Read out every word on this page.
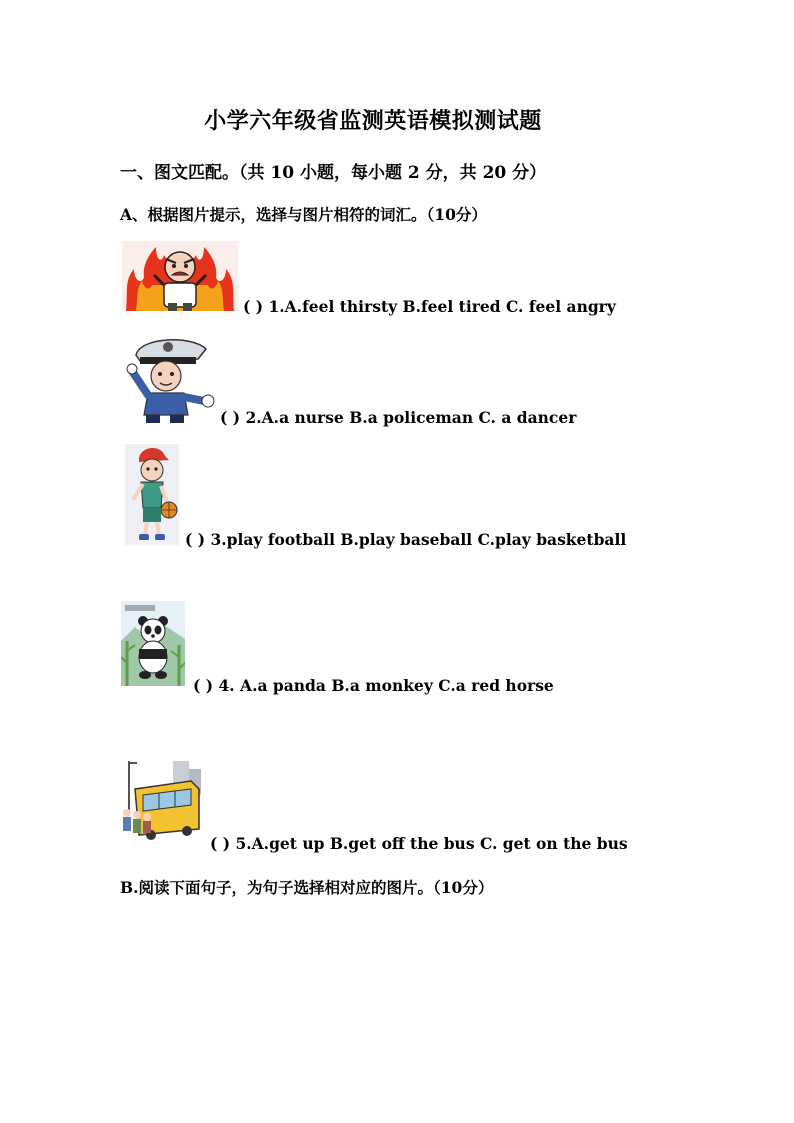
小学六年级省监测英语模拟测试题
一、图文匹配。（共 10 小题，每小题 2 分，共 20 分）
A、根据图片提示，选择与图片相符的词汇。（10分）
( ) 1.A.feel thirsty B.feel tired C. feel angry
( ) 2.A.a nurse B.a policeman C. a dancer
( ) 3.play football B.play baseball C.play basketball
( ) 4. A.a panda B.a monkey C.a red horse
( ) 5.A.get up B.get off the bus C. get on the bus
B.阅读下面句子，为句子选择相对应的图片。（10分）
